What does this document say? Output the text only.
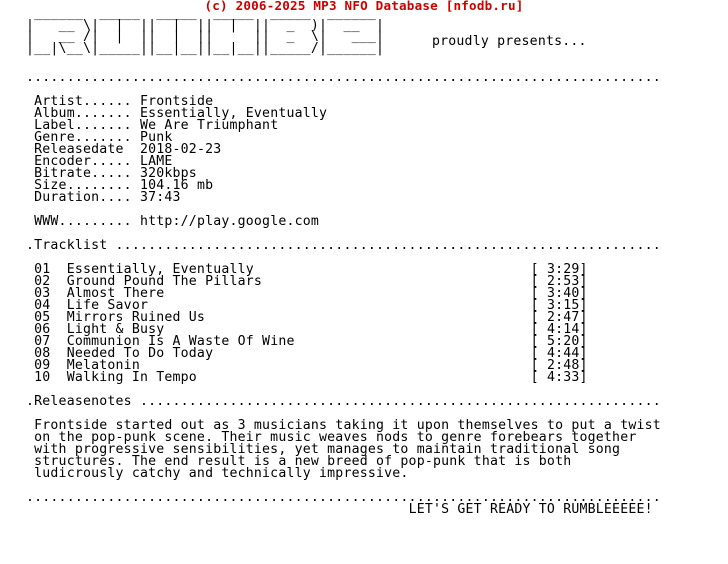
(c) 2006-2025 MP3 NFO Database [nfodb.ru]
______  _____  _____  _____  _____  ______
|   __ \|  |  ||  |  ||  |  ||  _  )|  __  |
|   __ /|  |  ||  |  ||     ||  _  \|   ___|
|__|\__\|_____||__|__||__|__||_____/|______|	proudly presents...
..............................................................................

Artist...... Frontside
Album....... Essentially, Eventually
Label....... We Are Triumphant
Genre....... Punk
Releasedate 2018-02-23
Encoder..... LAME
Bitrate..... 320kbps
Size........ 104.16 mb
Duration.... 37:43

WWW......... http://play.google.com

.Tracklist ...................................................................

01 Essentially, Eventually	[ 3:29]
02 Ground Pound The Pillars	[ 2:53]
03 Almost There	[ 3:40]
04 Life Savor	[ 3:15]
05 Mirrors Ruined Us	[ 2:47]
06 Light & Busy	[ 4:14]
07 Communion Is A Waste Of Wine	[ 5:20]
08 Needed To Do Today	[ 4:44]
09 Melatonin	[ 2:48]
10 Walking In Tempo	[ 4:33]

.Releasenotes ................................................................

Frontside started out as 3 musicians taking it upon themselves to put a twist
on the pop-punk scene. Their music weaves nods to genre forebears together
with progressive sensibilities, yet manages to maintain traditional song
structures. The end result is a new breed of pop-punk that is both
ludicrously catchy and technically impressive.

..............................................................................
LET'S GET READY TO RUMBLEEEEE!
